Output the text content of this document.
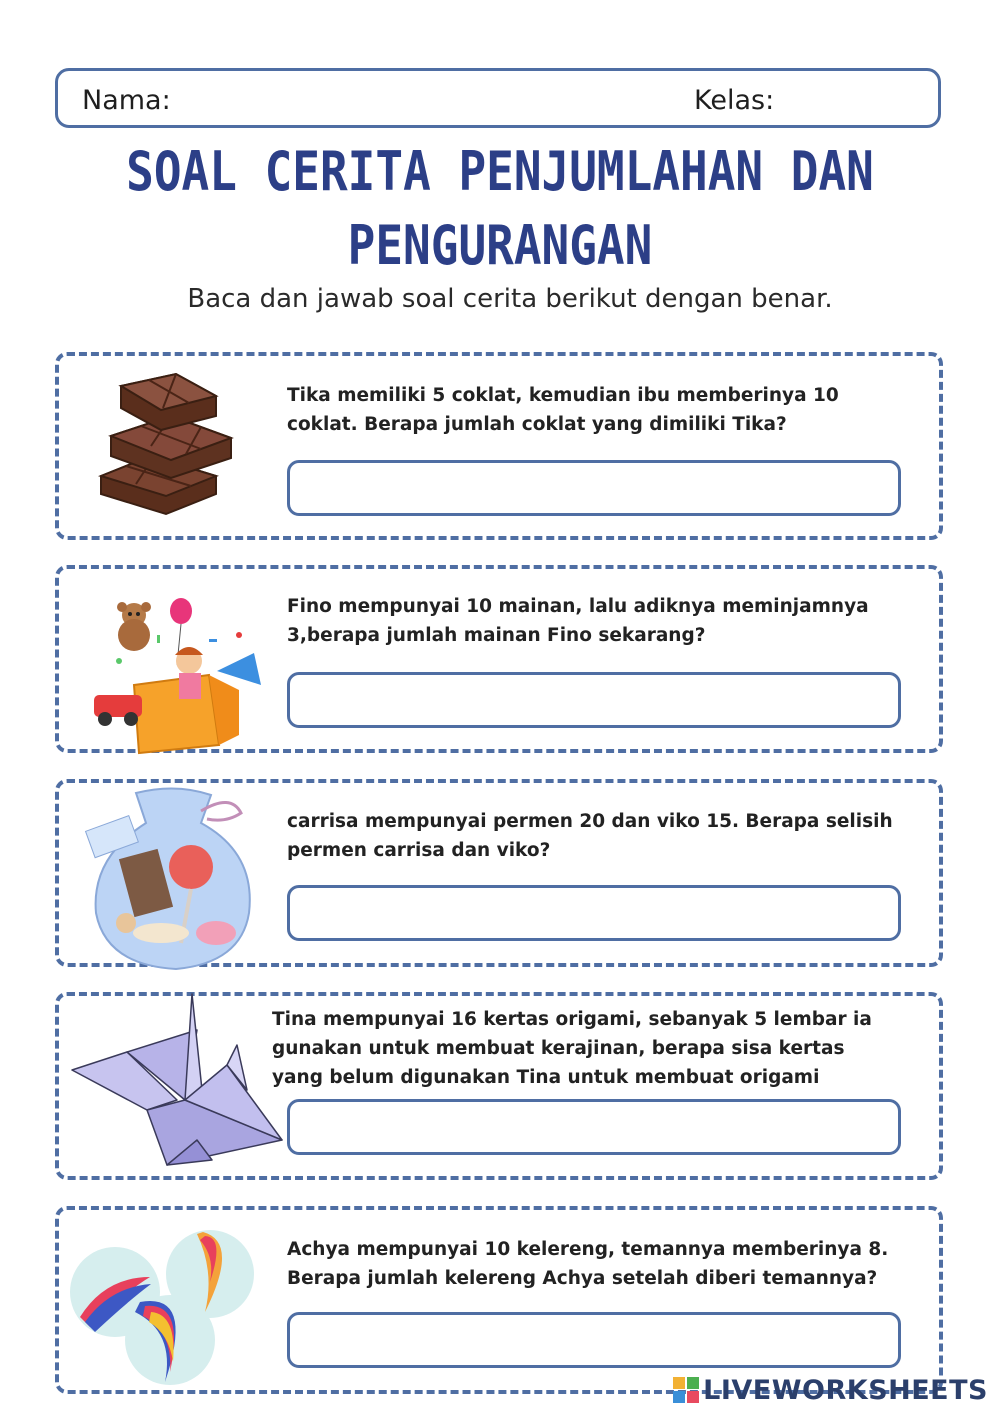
Nama:	Kelas:
SOAL CERITA PENJUMLAHAN DAN
PENGURANGAN
Baca dan jawab soal cerita berikut dengan benar.
Tika memiliki 5 coklat, kemudian ibu memberinya 10
coklat. Berapa jumlah coklat yang dimiliki Tika?
Fino mempunyai 10 mainan, lalu adiknya meminjamnya
3,berapa jumlah mainan Fino sekarang?
carrisa mempunyai permen 20 dan viko 15. Berapa selisih
permen carrisa dan viko?
Tina mempunyai 16 kertas origami, sebanyak 5 lembar ia
gunakan untuk membuat kerajinan, berapa sisa kertas
yang belum digunakan Tina untuk membuat origami
Achya mempunyai 10 kelereng, temannya memberinya 8.
Berapa jumlah kelereng Achya setelah diberi temannya?
LIVEWORKSHEETS
